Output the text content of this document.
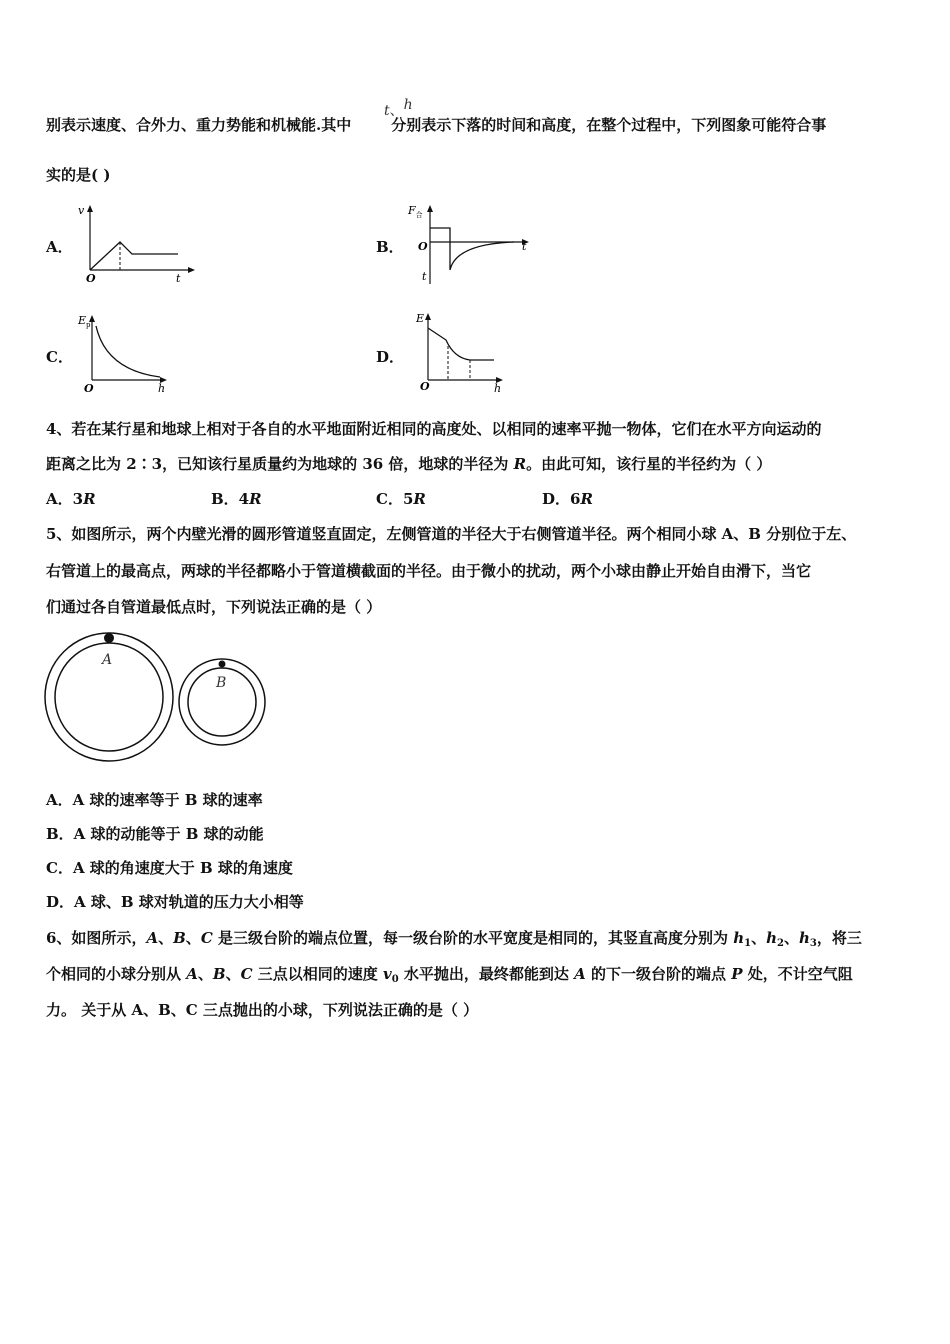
别表示速度、合外力、重力势能和机械能.其中	分别表示下落的时间和高度，在整个过程中，下列图象可能符合事
t、h
实的是( )
A．
v
O	t
B．
$F_合$
O	t
t
C．
$E_p$
O	h
D．
E
O	h
4、若在某行星和地球上相对于各自的水平地面附近相同的高度处、以相同的速率平抛一物体，它们在水平方向运动的
距离之比为 2∶3，已知该行星质量约为地球的 36 倍，地球的半径为 R。由此可知，该行星的半径约为（ ）
A．3R	B．4R	C．5R	D．6R
5、如图所示，两个内壁光滑的圆形管道竖直固定，左侧管道的半径大于右侧管道半径。两个相同小球 A、B 分别位于左、
右管道上的最高点，两球的半径都略小于管道横截面的半径。由于微小的扰动，两个小球由静止开始自由滑下，当它
们通过各自管道最低点时，下列说法正确的是（ ）
A
B
A．A 球的速率等于 B 球的速率
B．A 球的动能等于 B 球的动能
C．A 球的角速度大于 B 球的角速度
D．A 球、B 球对轨道的压力大小相等
6、如图所示，A、B、C 是三级台阶的端点位置，每一级台阶的水平宽度是相同的，其竖直高度分别为 $h_1$、$h_2$、$h_3$，将三
个相同的小球分别从 A、B、C 三点以相同的速度 $v_0$ 水平抛出，最终都能到达 A 的下一级台阶的端点 P 处，不计空气阻
力。 关于从 A、B、C 三点抛出的小球，下列说法正确的是（ ）
